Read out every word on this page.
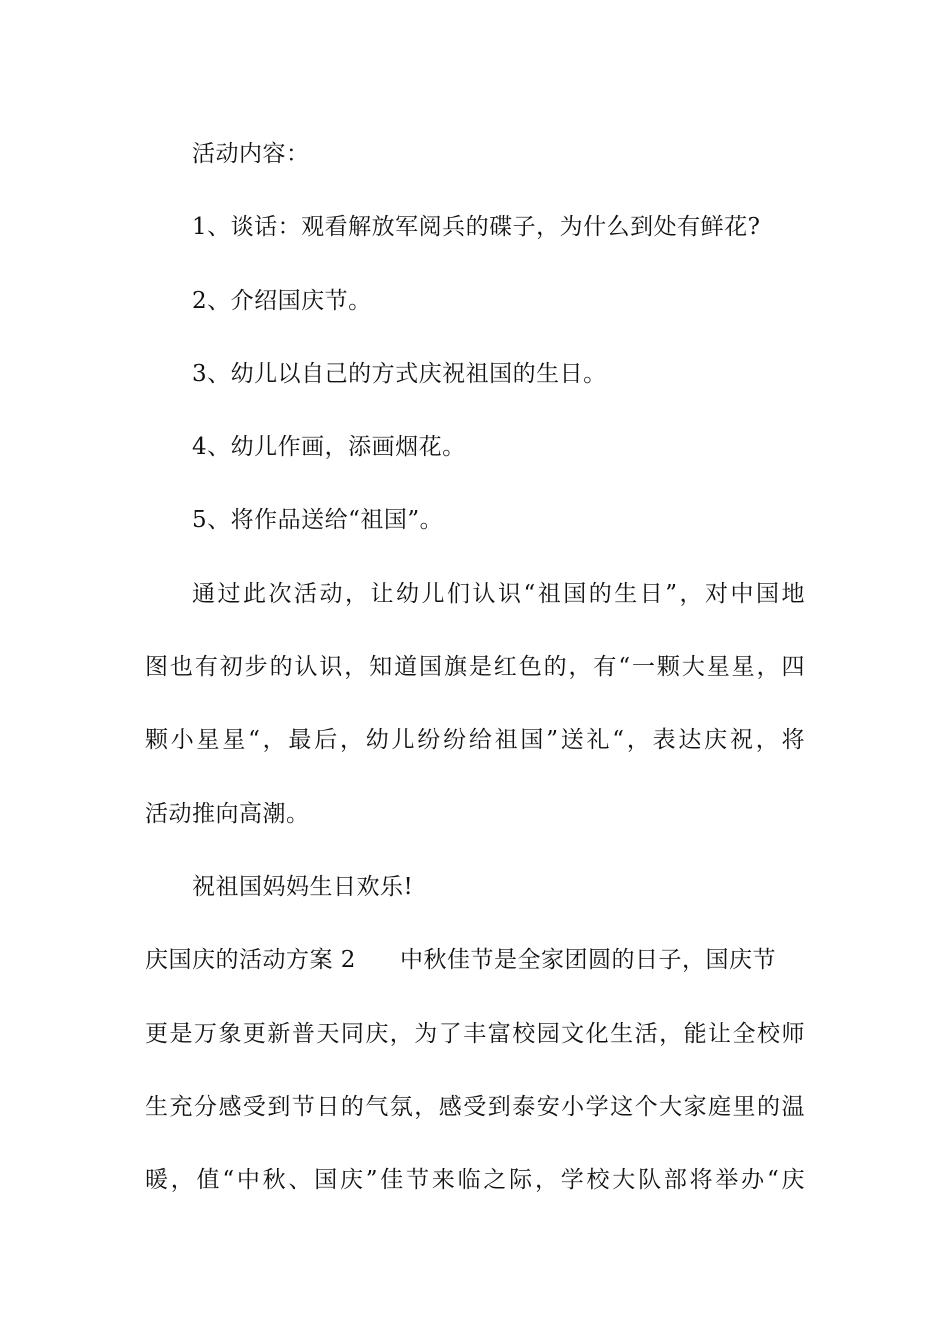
活动内容：
1、谈话：观看解放军阅兵的碟子，为什么到处有鲜花?
2、介绍国庆节。
3、幼儿以自己的方式庆祝祖国的生日。
4、幼儿作画，添画烟花。
5、将作品送给“祖国”。
通过此次活动，让幼儿们认识“祖国的生日”，对中国地
图也有初步的认识，知道国旗是红色的，有“一颗大星星，四
颗小星星“，最后，幼儿纷纷给祖国”送礼“，表达庆祝，将
活动推向高潮。
祝祖国妈妈生日欢乐!
庆国庆的活动方案 2 中秋佳节是全家团圆的日子，国庆节
更是万象更新普天同庆，为了丰富校园文化生活，能让全校师
生充分感受到节日的气氛，感受到泰安小学这个大家庭里的温
暖，值“中秋、国庆”佳节来临之际，学校大队部将举办“庆
